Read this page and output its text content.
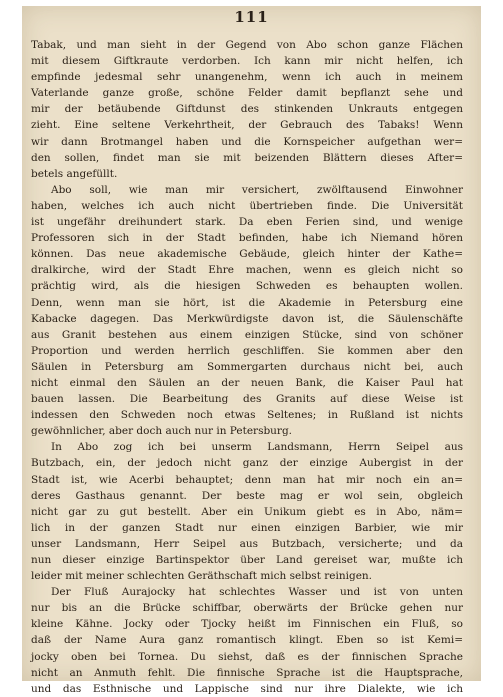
111
Tabak, und man sieht in der Gegend von Abo schon ganze Flächen
mit diesem Giftkraute verdorben. Ich kann mir nicht helfen, ich
empfinde jedesmal sehr unangenehm, wenn ich auch in meinem
Vaterlande ganze große, schöne Felder damit bepflanzt sehe und
mir der betäubende Giftdunst des stinkenden Unkrauts entgegen
zieht. Eine seltene Verkehrtheit, der Gebrauch des Tabaks! Wenn
wir dann Brotmangel haben und die Kornspeicher aufgethan wer=
den sollen, findet man sie mit beizenden Blättern dieses After=
betels angefüllt.
Abo soll, wie man mir versichert, zwölftausend Einwohner
haben, welches ich auch nicht übertrieben finde. Die Universität
ist ungefähr dreihundert stark. Da eben Ferien sind, und wenige
Professoren sich in der Stadt befinden, habe ich Niemand hören
können. Das neue akademische Gebäude, gleich hinter der Kathe=
dralkirche, wird der Stadt Ehre machen, wenn es gleich nicht so
prächtig wird, als die hiesigen Schweden es behaupten wollen.
Denn, wenn man sie hört, ist die Akademie in Petersburg eine
Kabacke dagegen. Das Merkwürdigste davon ist, die Säulenschäfte
aus Granit bestehen aus einem einzigen Stücke, sind von schöner
Proportion und werden herrlich geschliffen. Sie kommen aber den
Säulen in Petersburg am Sommergarten durchaus nicht bei, auch
nicht einmal den Säulen an der neuen Bank, die Kaiser Paul hat
bauen lassen. Die Bearbeitung des Granits auf diese Weise ist
indessen den Schweden noch etwas Seltenes; in Rußland ist nichts
gewöhnlicher, aber doch auch nur in Petersburg.
In Abo zog ich bei unserm Landsmann, Herrn Seipel aus
Butzbach, ein, der jedoch nicht ganz der einzige Aubergist in der
Stadt ist, wie Acerbi behauptet; denn man hat mir noch ein an=
deres Gasthaus genannt. Der beste mag er wol sein, obgleich
nicht gar zu gut bestellt. Aber ein Unikum giebt es in Abo, näm=
lich in der ganzen Stadt nur einen einzigen Barbier, wie mir
unser Landsmann, Herr Seipel aus Butzbach, versicherte; und da
nun dieser einzige Bartinspektor über Land gereiset war, mußte ich
leider mit meiner schlechten Geräthschaft mich selbst reinigen.
Der Fluß Aurajocky hat schlechtes Wasser und ist von unten
nur bis an die Brücke schiffbar, oberwärts der Brücke gehen nur
kleine Kähne. Jocky oder Tjocky heißt im Finnischen ein Fluß, so
daß der Name Aura ganz romantisch klingt. Eben so ist Kemi=
jocky oben bei Tornea. Du siehst, daß es der finnischen Sprache
nicht an Anmuth fehlt. Die finnische Sprache ist die Hauptsprache,
und das Esthnische und Lappische sind nur ihre Dialekte, wie ich
